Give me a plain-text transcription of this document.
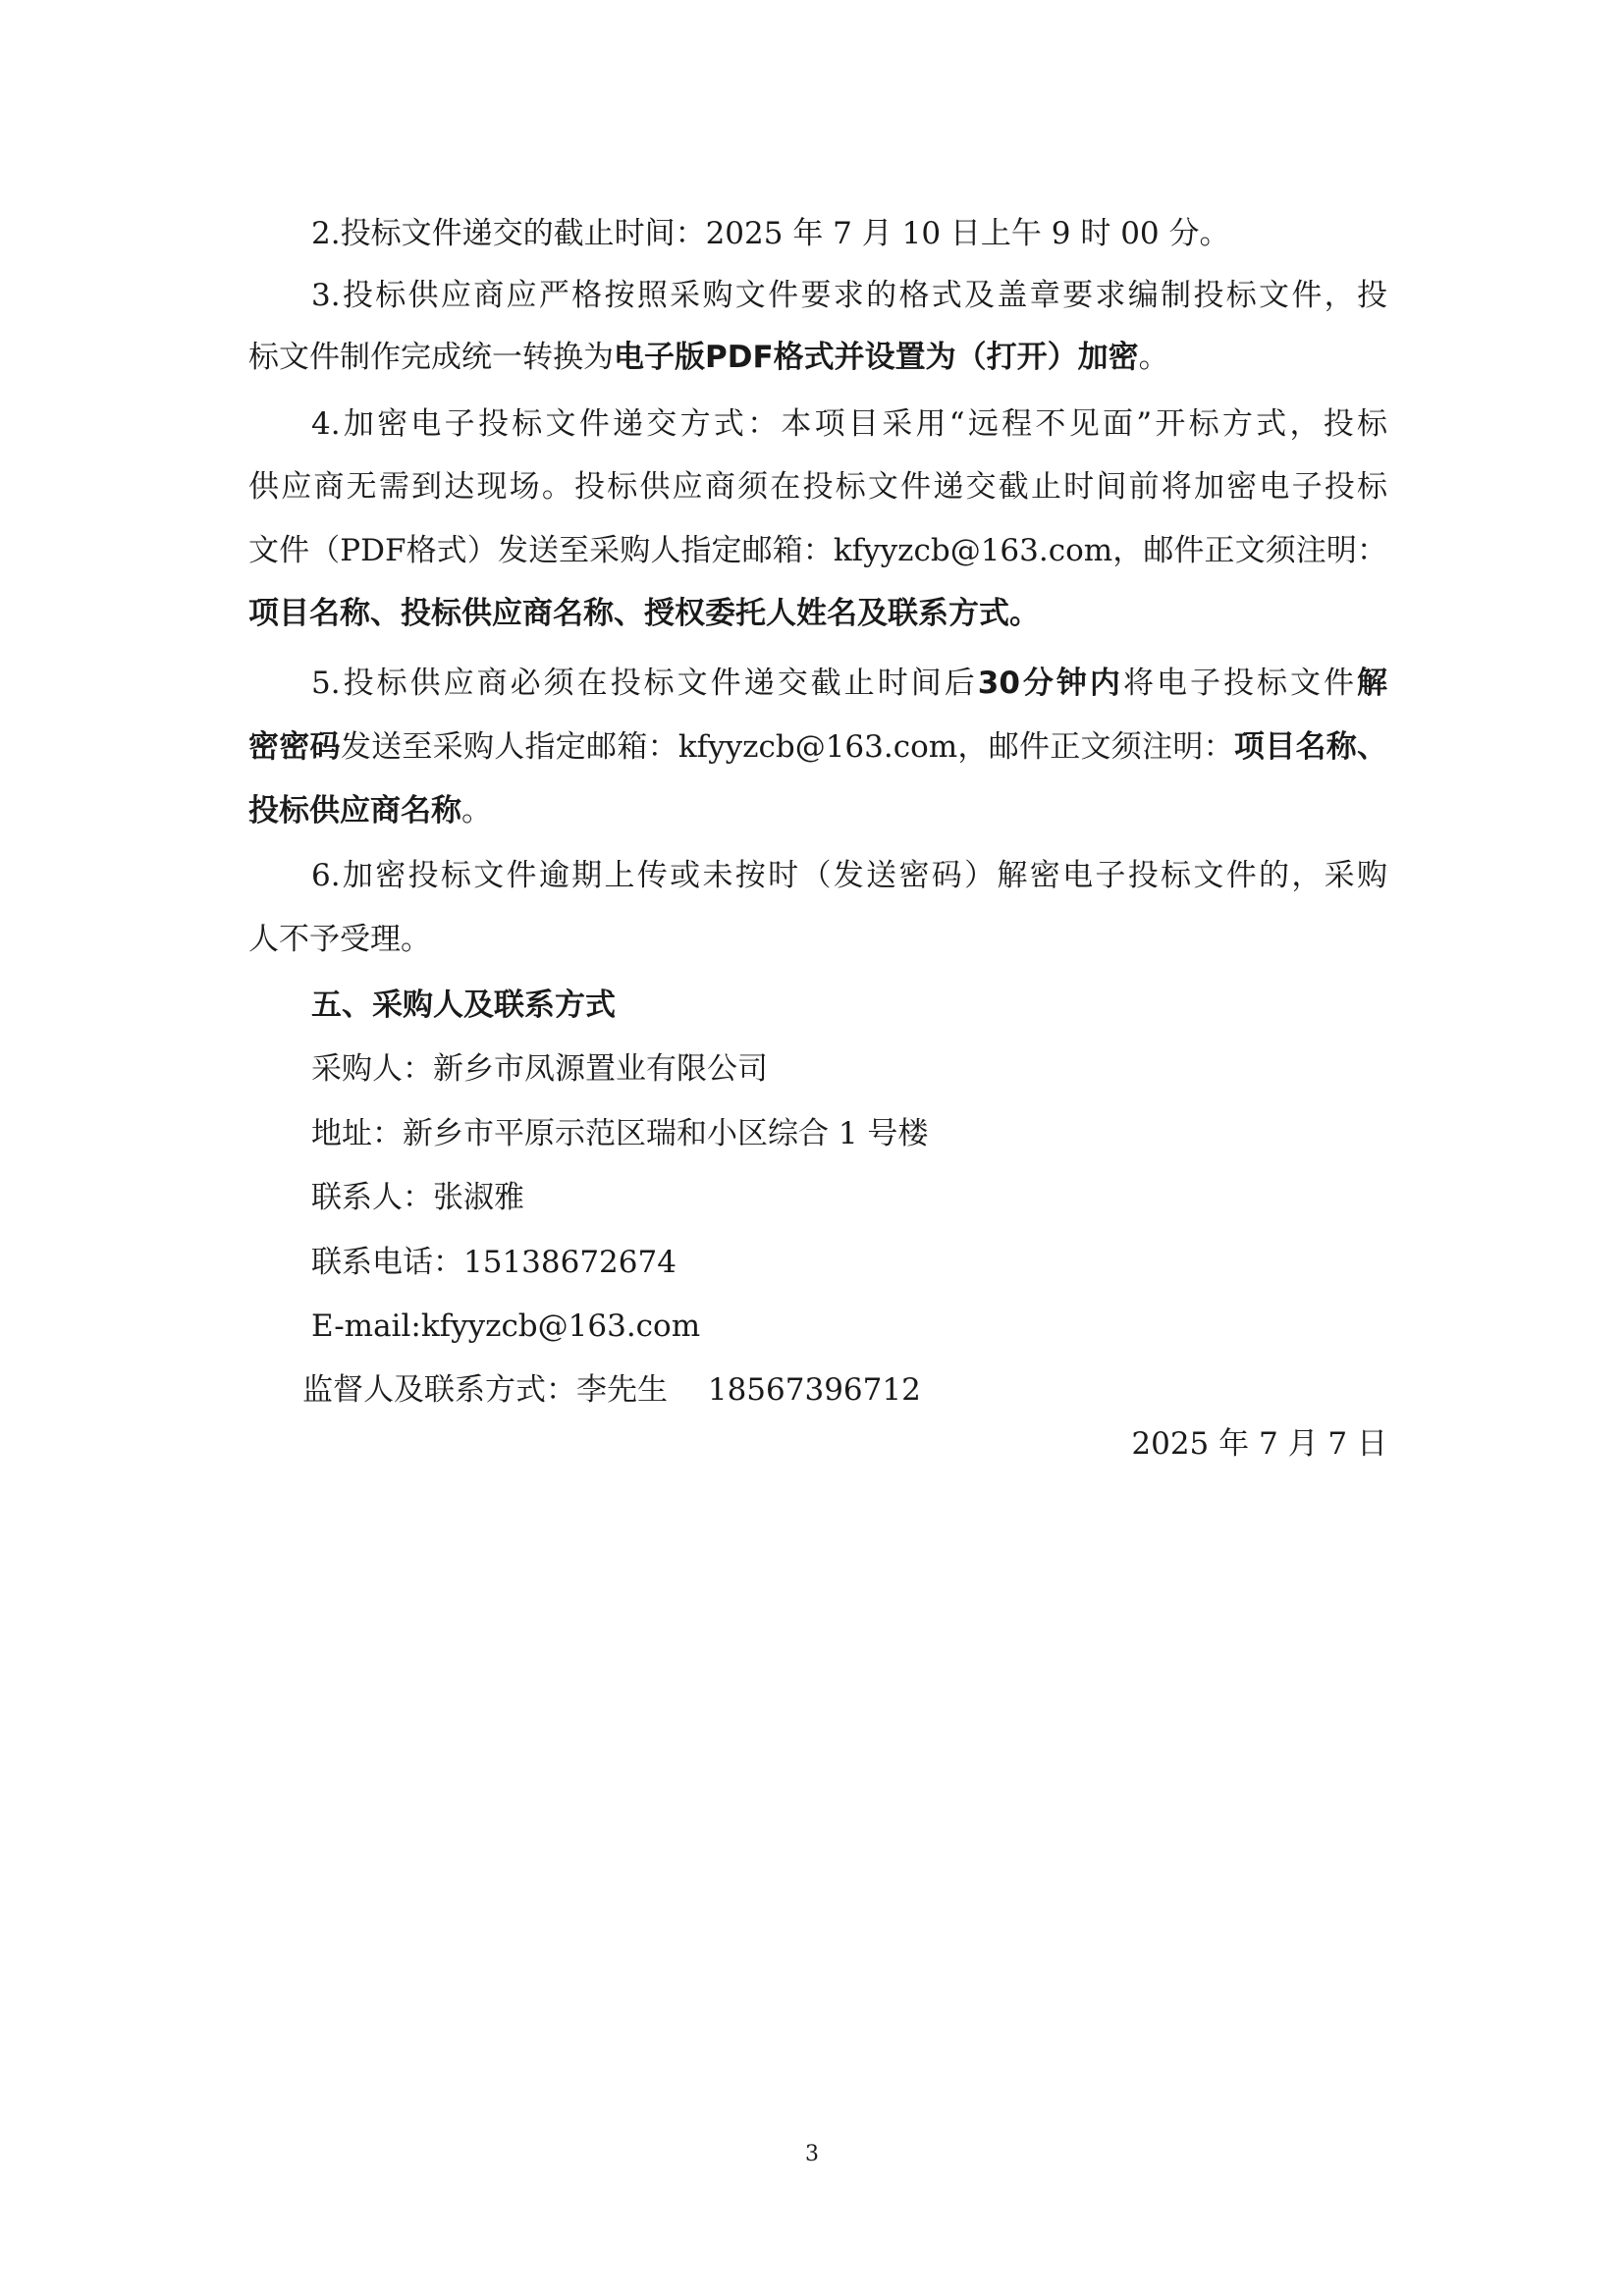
2.投标文件递交的截止时间：2025 年 7 月 10 日上午 9 时 00 分。
3.投标供应商应严格按照采购文件要求的格式及盖章要求编制投标文件，投
标文件制作完成统一转换为电子版PDF格式并设置为（打开）加密。
4.加密电子投标文件递交方式：本项目采用“远程不见面”开标方式，投标
供应商无需到达现场。投标供应商须在投标文件递交截止时间前将加密电子投标
文件（PDF格式）发送至采购人指定邮箱：kfyyzcb@163.com，邮件正文须注明：
项目名称、投标供应商名称、授权委托人姓名及联系方式。
5.投标供应商必须在投标文件递交截止时间后30分钟内将电子投标文件解
密密码发送至采购人指定邮箱：kfyyzcb@163.com，邮件正文须注明：项目名称、
投标供应商名称。
6.加密投标文件逾期上传或未按时（发送密码）解密电子投标文件的，采购
人不予受理。
五、采购人及联系方式
采购人：新乡市凤源置业有限公司
地址：新乡市平原示范区瑞和小区综合 1 号楼
联系人：张淑雅
联系电话：15138672674
E-mail:kfyyzcb@163.com
监督人及联系方式：李先生　 18567396712
2025 年 7 月 7 日
3
